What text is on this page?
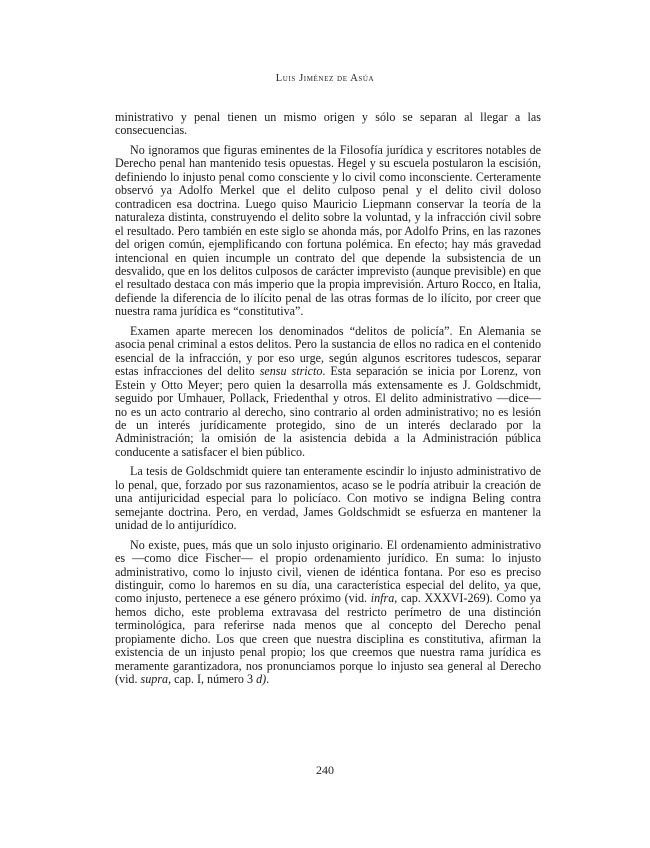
Luis Jiménez de Asúa

ministrativo y penal tienen un mismo origen y sólo se separan al llegar a las consecuencias.

No ignoramos que figuras eminentes de la Filosofía jurídica y escritores notables de Derecho penal han mantenido tesis opuestas. Hegel y su escuela postularon la escisión, definiendo lo injusto penal como consciente y lo civil como inconsciente. Certeramente observó ya Adolfo Merkel que el delito culposo penal y el delito civil doloso contradicen esa doctrina. Luego quiso Mauricio Liepmann conservar la teoría de la naturaleza distinta, construyendo el delito sobre la voluntad, y la infracción civil sobre el resultado. Pero también en este siglo se ahonda más, por Adolfo Prins, en las razones del origen común, ejemplificando con fortuna polémica. En efecto; hay más gravedad intencional en quien incumple un contrato del que depende la subsistencia de un desvalido, que en los delitos culposos de carácter imprevisto (aunque previsible) en que el resultado destaca con más imperio que la propia imprevisión. Arturo Rocco, en Italia, defiende la diferencia de lo ilícito penal de las otras formas de lo ilícito, por creer que nuestra rama jurídica es “constitutiva”.

Examen aparte merecen los denominados “delitos de policía”. En Alemania se asocia penal criminal a estos delitos. Pero la sustancia de ellos no radica en el contenido esencial de la infracción, y por eso urge, según algunos escritores tudescos, separar estas infracciones del delito sensu stricto. Esta separación se inicia por Lorenz, von Estein y Otto Meyer; pero quien la desarrolla más extensamente es J. Goldschmidt, seguido por Umhauer, Pollack, Friedenthal y otros. El delito administrativo —dice— no es un acto contrario al derecho, sino contrario al orden administrativo; no es lesión de un interés jurídicamente protegido, sino de un interés declarado por la Administración; la omisión de la asistencia debida a la Administración pública conducente a satisfacer el bien público.

La tesis de Goldschmidt quiere tan enteramente escindir lo injusto administrativo de lo penal, que, forzado por sus razonamientos, acaso se le podría atribuir la creación de una antijuricidad especial para lo policíaco. Con motivo se indigna Beling contra semejante doctrina. Pero, en verdad, James Goldschmidt se esfuerza en mantener la unidad de lo antijurídico.

No existe, pues, más que un solo injusto originario. El ordenamiento administrativo es —como dice Fischer— el propio ordenamiento jurídico. En suma: lo injusto administrativo, como lo injusto civil, vienen de idéntica fontana. Por eso es preciso distinguir, como lo haremos en su día, una característica especial del delito, ya que, como injusto, pertenece a ese género próximo (vid. infra, cap. XXXVI-269). Como ya hemos dicho, este problema extravasa del restricto perímetro de una distinción terminológica, para referirse nada menos que al concepto del Derecho penal propiamente dicho. Los que creen que nuestra disciplina es constitutiva, afirman la existencia de un injusto penal propio; los que creemos que nuestra rama jurídica es meramente garantizadora, nos pronunciamos porque lo injusto sea general al Derecho (vid. supra, cap. I, número 3 d).

240
